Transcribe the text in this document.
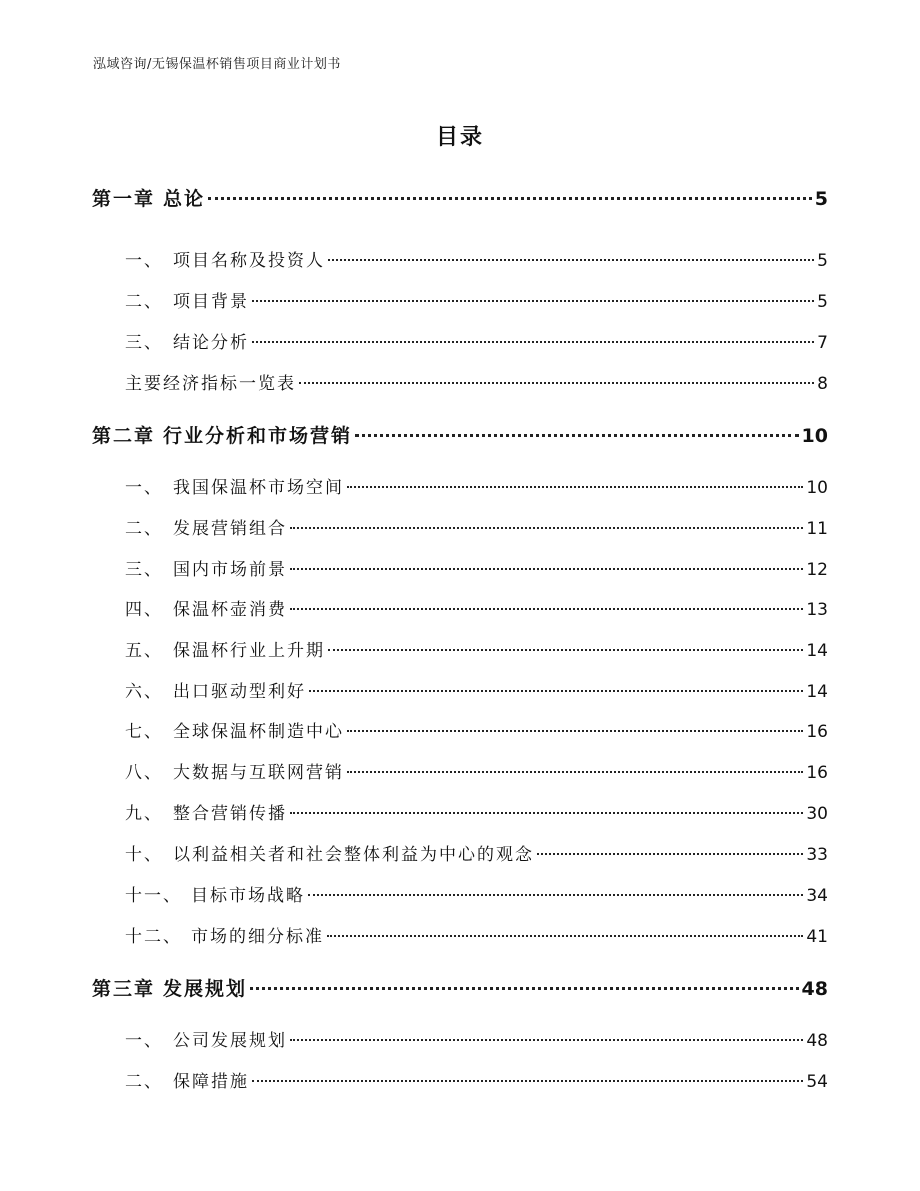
泓域咨询/无锡保温杯销售项目商业计划书
目录
第一章 总论	5
一、 项目名称及投资人	5
二、 项目背景	5
三、 结论分析	7
主要经济指标一览表	8
第二章 行业分析和市场营销	10
一、 我国保温杯市场空间	10
二、 发展营销组合	11
三、 国内市场前景	12
四、 保温杯壶消费	13
五、 保温杯行业上升期	14
六、 出口驱动型利好	14
七、 全球保温杯制造中心	16
八、 大数据与互联网营销	16
九、 整合营销传播	30
十、 以利益相关者和社会整体利益为中心的观念	33
十一、 目标市场战略	34
十二、 市场的细分标准	41
第三章 发展规划	48
一、 公司发展规划	48
二、 保障措施	54
